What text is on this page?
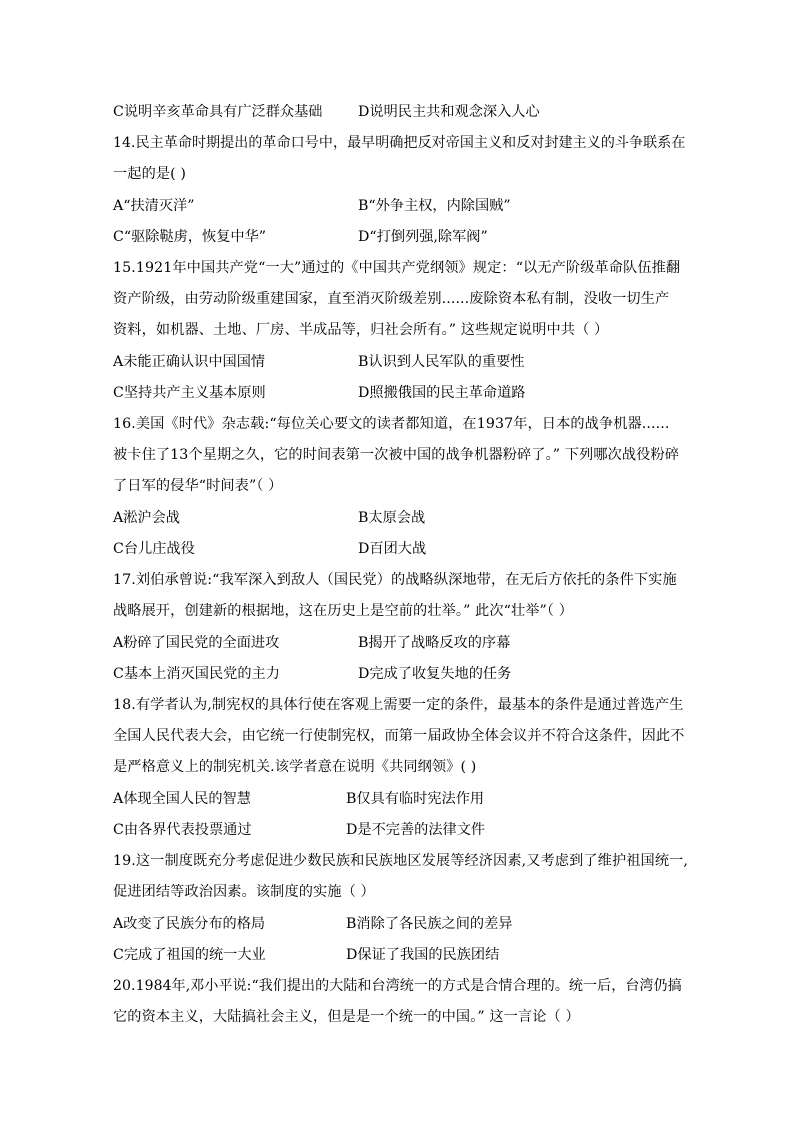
C说明辛亥革命具有广泛群众基础	D说明民主共和观念深入人心
14.民主革命时期提出的革命口号中，最早明确把反对帝国主义和反对封建主义的斗争联系在
一起的是( )
A“扶清灭洋”	B“外争主权，内除国贼”
C“驱除鞑虏，恢复中华”	D“打倒列强,除军阀”
15.1921年中国共产党“一大”通过的《中国共产党纲领》规定：“以无产阶级革命队伍推翻
资产阶级，由劳动阶级重建国家，直至消灭阶级差别......废除资本私有制，没收一切生产
资料，如机器、土地、厂房、半成品等，归社会所有。” 这些规定说明中共（ ）
A未能正确认识中国国情	B认识到人民军队的重要性
C坚持共产主义基本原则	D照搬俄国的民主革命道路
16.美国《时代》杂志载:“每位关心要文的读者都知道，在1937年，日本的战争机器......
被卡住了13个星期之久，它的时间表第一次被中国的战争机器粉碎了。” 下列哪次战役粉碎
了日军的侵华“时间表”（ ）
A淞沪会战	B太原会战
C台儿庄战役	D百团大战
17.刘伯承曾说:“我军深入到敌人（国民党）的战略纵深地带，在无后方依托的条件下实施
战略展开，创建新的根据地，这在历史上是空前的壮举。” 此次“壮举”（ ）
A粉碎了国民党的全面进攻	B揭开了战略反攻的序幕
C基本上消灭国民党的主力	D完成了收复失地的任务
18.有学者认为,制宪权的具体行使在客观上需要一定的条件，最基本的条件是通过普选产生
全国人民代表大会，由它统一行使制宪权，而第一届政协全体会议并不符合这条件，因此不
是严格意义上的制宪机关.该学者意在说明《共同纲领》( )
A体现全国人民的智慧	B仅具有临时宪法作用
C由各界代表投票通过	D是不完善的法律文件
19.这一制度既充分考虑促进少数民族和民族地区发展等经济因素,又考虑到了维护祖国统一,
促进团结等政治因素。该制度的实施（ ）
A改变了民族分布的格局	B消除了各民族之间的差异
C完成了祖国的统一大业	D保证了我国的民族团结
20.1984年,邓小平说:“我们提出的大陆和台湾统一的方式是合情合理的。统一后，台湾仍搞
它的资本主义，大陆搞社会主义，但是是一个统一的中国。” 这一言论（ ）
